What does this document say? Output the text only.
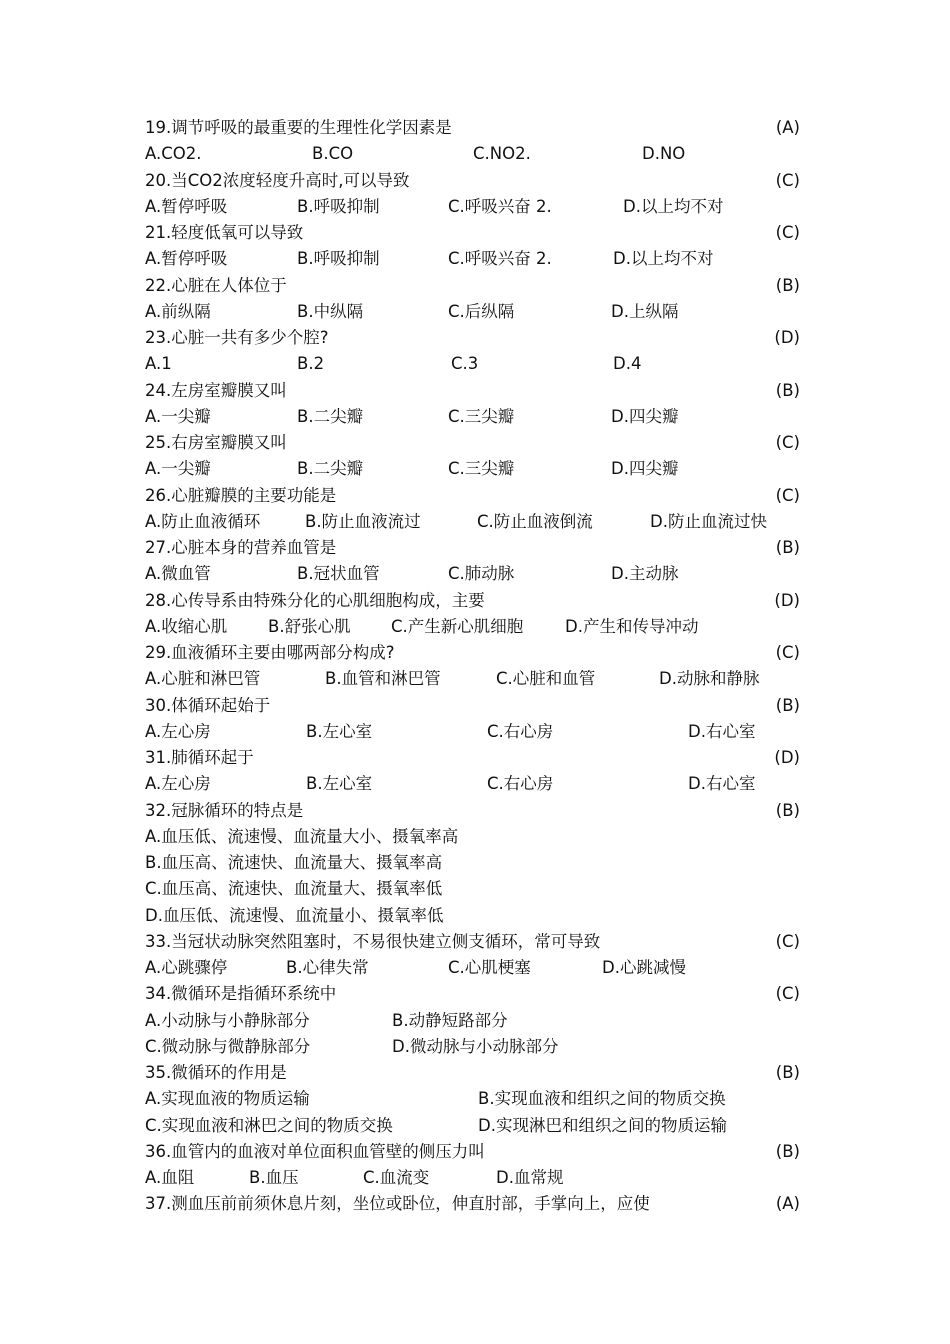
19.调节呼吸的最重要的生理性化学因素是	(A)
A.CO2.	B.CO	C.NO2.	D.NO
20.当CO2浓度轻度升高时,可以导致	(C)
A.暂停呼吸	B.呼吸抑制	C.呼吸兴奋 2.	D.以上均不对
21.轻度低氧可以导致	(C)
A.暂停呼吸	B.呼吸抑制	C.呼吸兴奋 2.	D.以上均不对
22.心脏在人体位于	(B)
A.前纵隔	B.中纵隔	C.后纵隔	D.上纵隔
23.心脏一共有多少个腔?	(D)
A.1	B.2	C.3	D.4
24.左房室瓣膜又叫	(B)
A.一尖瓣	B.二尖瓣	C.三尖瓣	D.四尖瓣
25.右房室瓣膜又叫	(C)
A.一尖瓣	B.二尖瓣	C.三尖瓣	D.四尖瓣
26.心脏瓣膜的主要功能是	(C)
A.防止血液循环	B.防止血液流过	C.防止血液倒流	D.防止血流过快
27.心脏本身的营养血管是	(B)
A.微血管	B.冠状血管	C.肺动脉	D.主动脉
28.心传导系由特殊分化的心肌细胞构成，主要	(D)
A.收缩心肌 B.舒张心肌 C.产生新心肌细胞	D.产生和传导冲动
29.血液循环主要由哪两部分构成?	(C)
A.心脏和淋巴管	B.血管和淋巴管	C.心脏和血管	D.动脉和静脉
30.体循环起始于	(B)
A.左心房	B.左心室	C.右心房	D.右心室
31.肺循环起于	(D)
A.左心房	B.左心室	C.右心房	D.右心室
32.冠脉循环的特点是	(B)
A.血压低、流速慢、血流量大小、摄氧率高
B.血压高、流速快、血流量大、摄氧率高
C.血压高、流速快、血流量大、摄氧率低
D.血压低、流速慢、血流量小、摄氧率低
33.当冠状动脉突然阻塞时，不易很快建立侧支循环，常可导致	(C)
A.心跳骤停	B.心律失常	C.心肌梗塞	D.心跳减慢
34.微循环是指循环系统中	(C)
A.小动脉与小静脉部分	B.动静短路部分
C.微动脉与微静脉部分	D.微动脉与小动脉部分
35.微循环的作用是	(B)
A.实现血液的物质运输	B.实现血液和组织之间的物质交换
C.实现血液和淋巴之间的物质交换	D.实现淋巴和组织之间的物质运输
36.血管内的血液对单位面积血管壁的侧压力叫	(B)
A.血阻	B.血压	C.血流变	D.血常规
37.测血压前前须休息片刻，坐位或卧位，伸直肘部，手掌向上，应使	(A)
